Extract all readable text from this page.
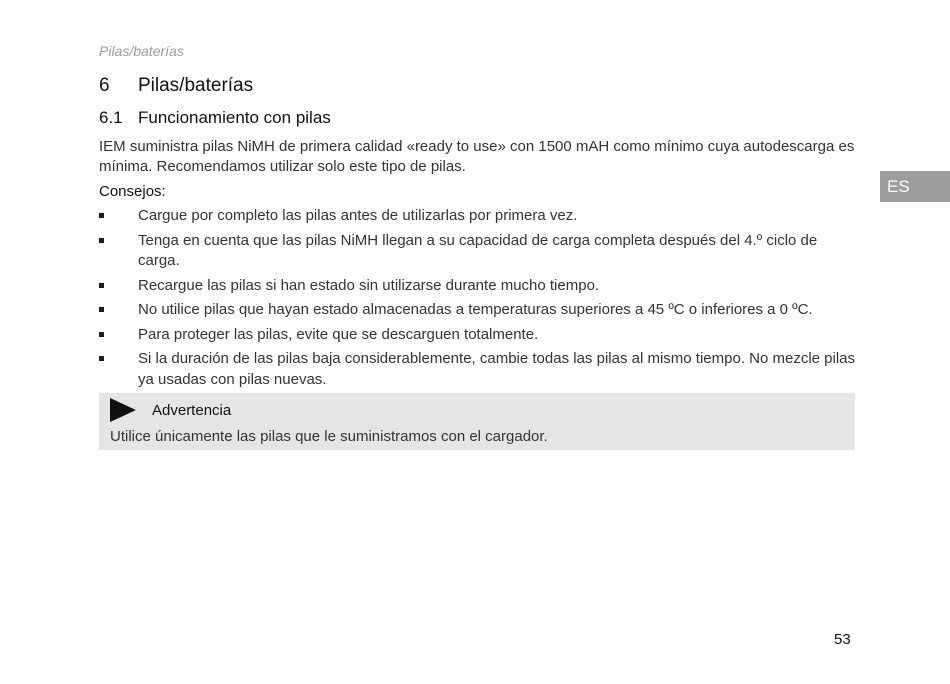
Pilas/baterías
6 Pilas/baterías
6.1 Funcionamiento con pilas

IEM suministra pilas NiMH de primera calidad «ready to use» con 1500 mAH como mínimo cuya autodescarga es mínima. Recomendamos utilizar solo este tipo de pilas.

Consejos:
Cargue por completo las pilas antes de utilizarlas por primera vez.
Tenga en cuenta que las pilas NiMH llegan a su capacidad de carga completa después del 4.º ciclo de carga.
Recargue las pilas si han estado sin utilizarse durante mucho tiempo.
No utilice pilas que hayan estado almacenadas a temperaturas superiores a 45 ºC o inferiores a 0 ºC.
Para proteger las pilas, evite que se descarguen totalmente.
Si la duración de las pilas baja considerablemente, cambie todas las pilas al mismo tiempo. No mezcle pilas ya usadas con pilas nuevas.
Advertencia
Utilice únicamente las pilas que le suministramos con el cargador.
ES
53
